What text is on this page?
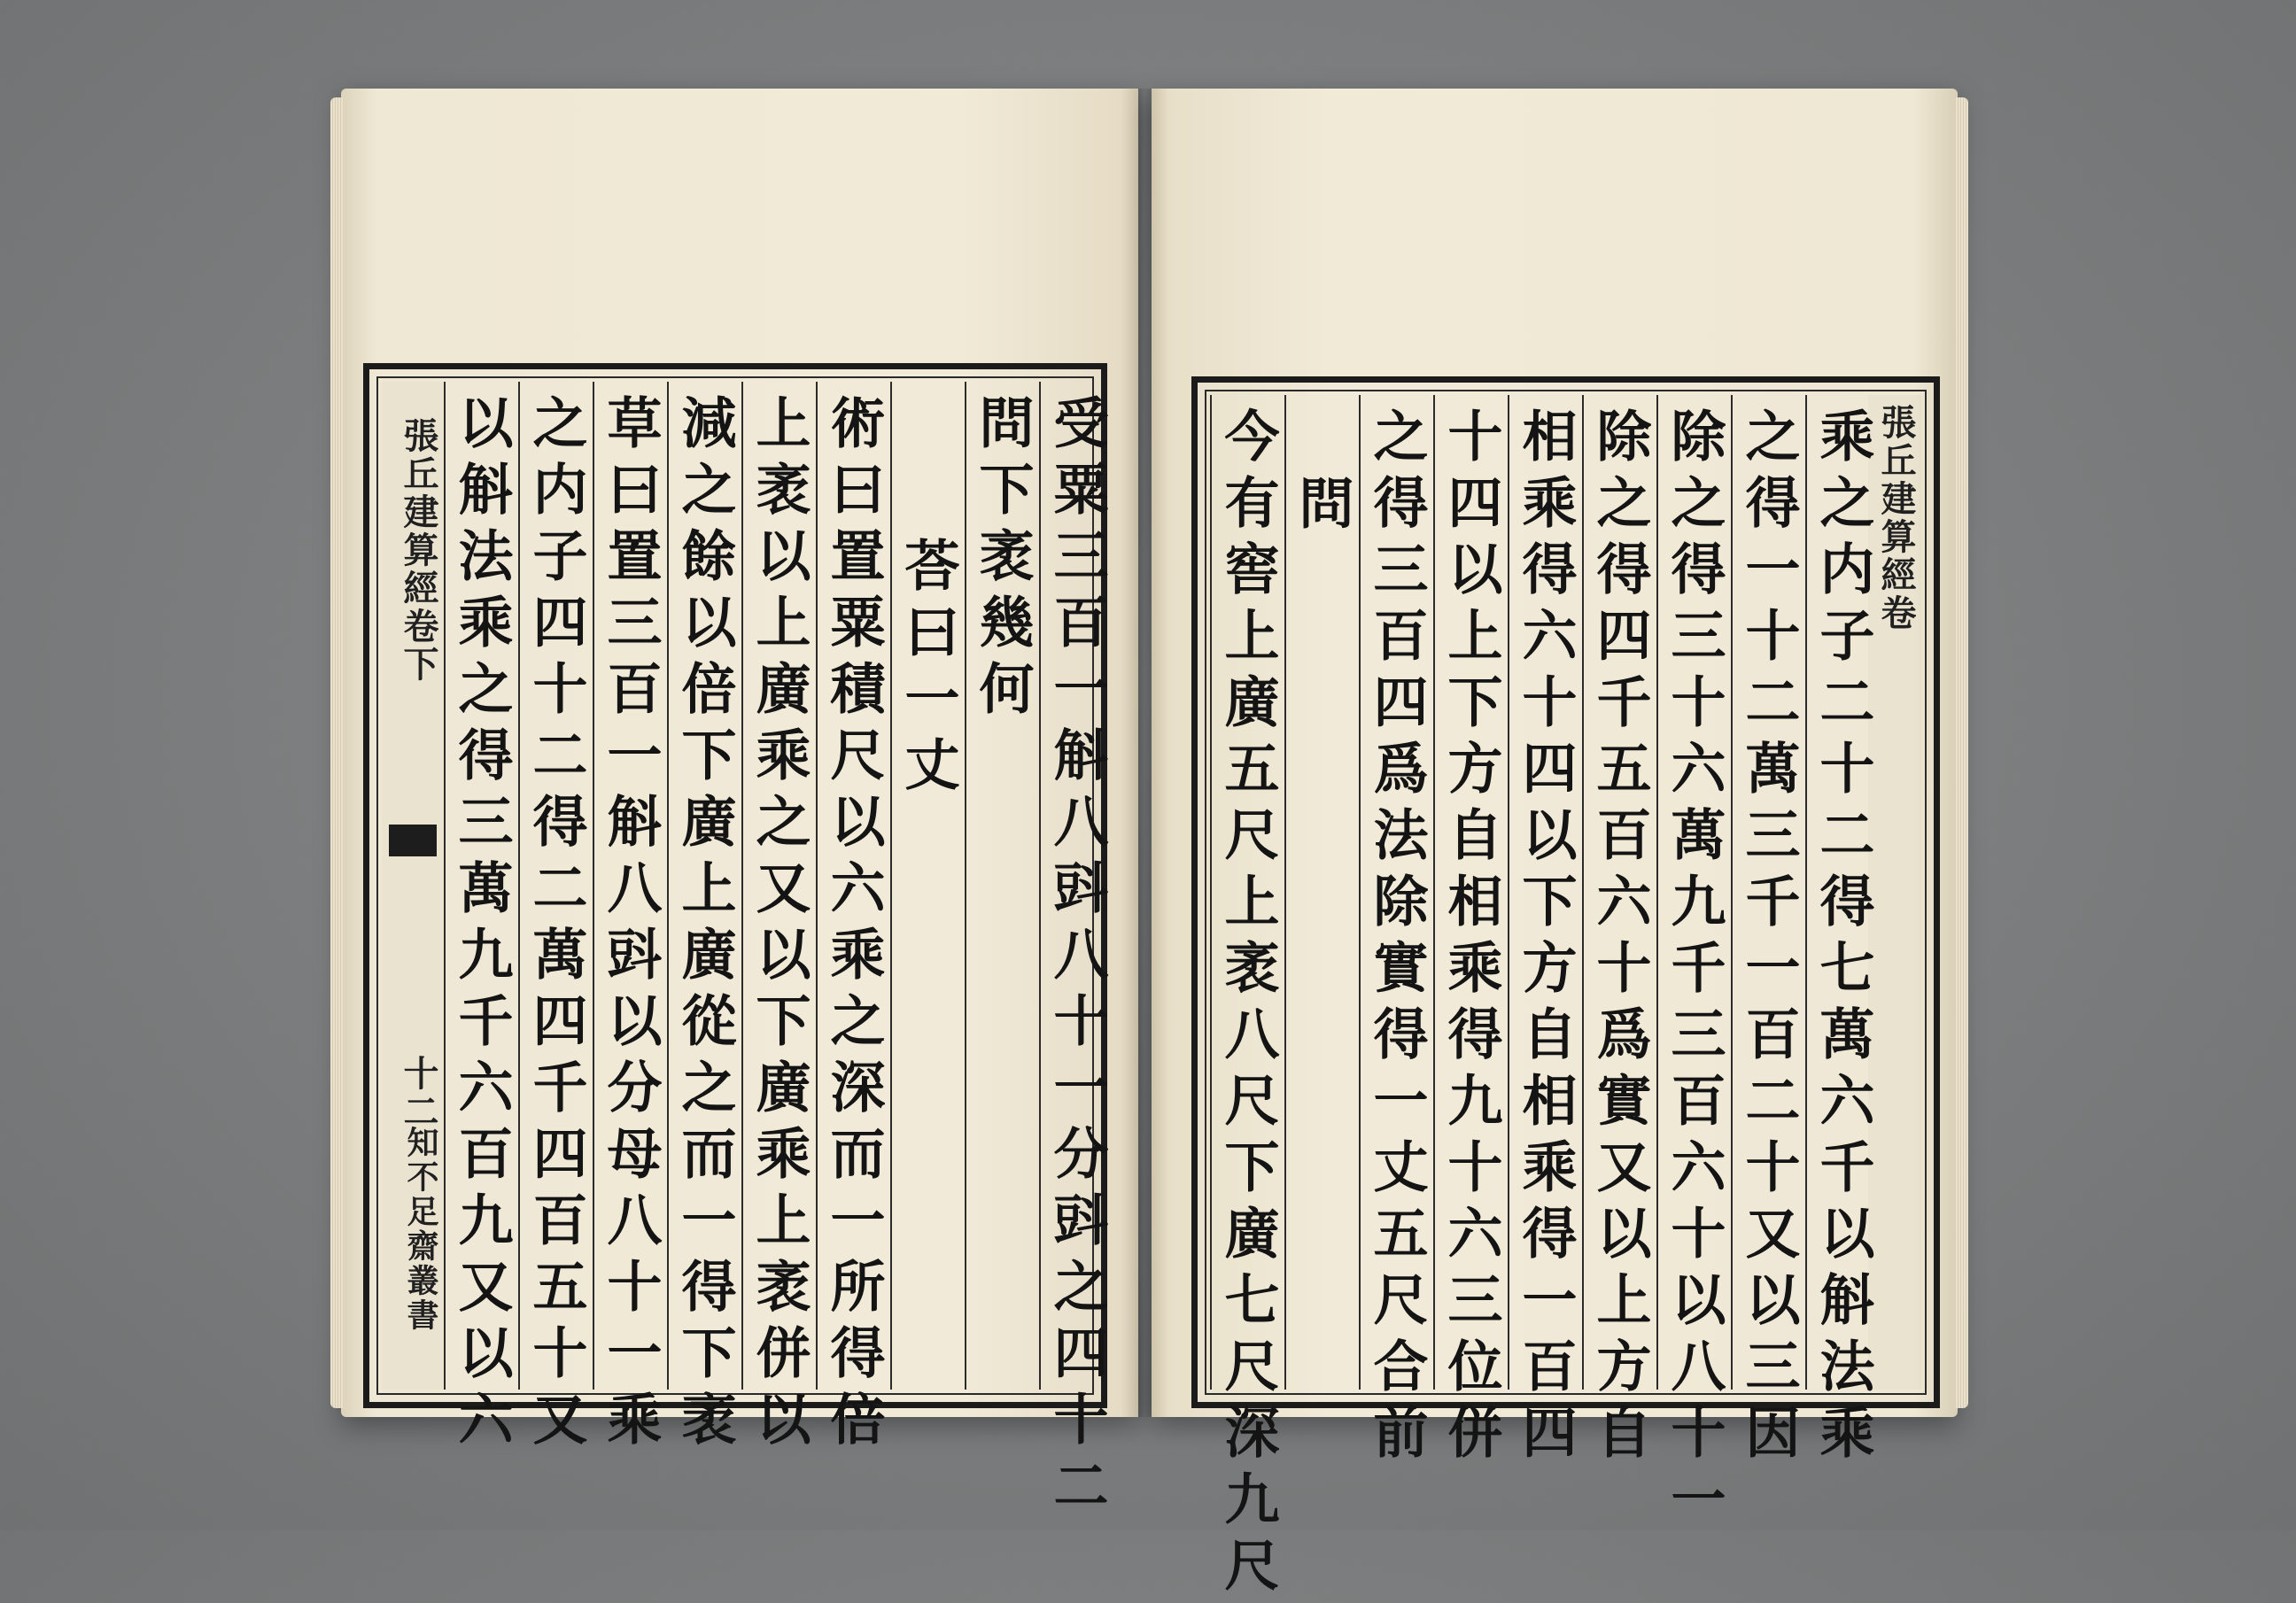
張丘建算經卷下
十二
知不足齋叢書 以斛法乘之得三萬九千六百九又以六 之内子四十二得二萬四千四百五十又 草曰置三百一斛八㪷以分母八十一乘 減之餘以倍下廣上廣從之而一得下袤 上袤以上廣乘之又以下廣乘上袤併以 術曰置粟積尺以六乘之深而一所得倍 荅曰一丈 問下袤幾何 受粟三百一斛八㪷八十一分㪷之四十二 今有窖上廣五尺上袤八尺下廣七尺深九尺 問 之得三百四爲法除實得一丈五尺合前 十四以上下方自相乘得九十六三位併 相乘得六十四以下方自相乘得一百四 除之得四千五百六十爲實又以上方自 除之得三十六萬九千三百六十以八十一 之得一十二萬三千一百二十又以三因 乘之内子二十二得七萬六千以斛法乘 張丘建算經卷
